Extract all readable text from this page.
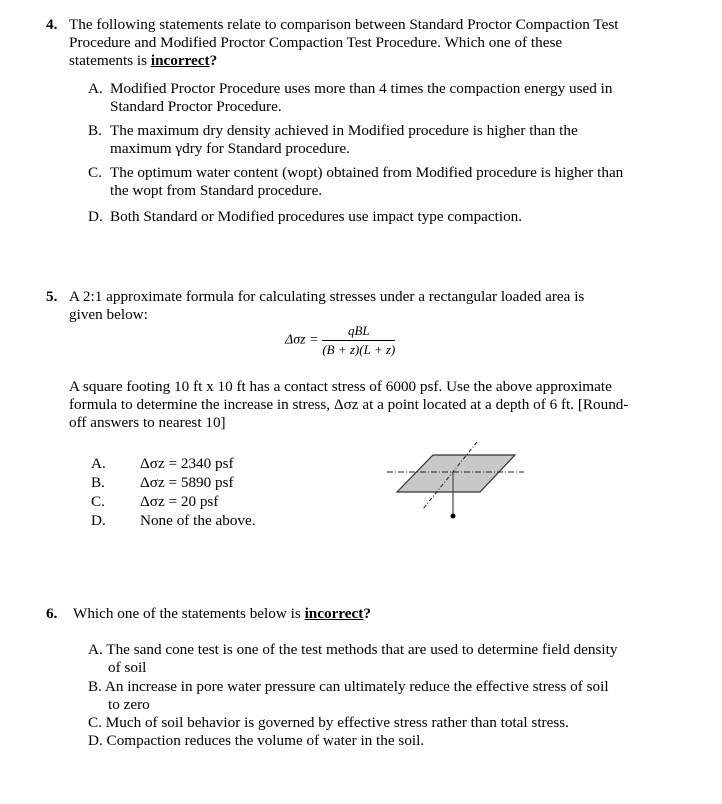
4. The following statements relate to comparison between Standard Proctor Compaction Test
Procedure and Modified Proctor Compaction Test Procedure. Which one of these
statements is incorrect?
A. Modified Proctor Procedure uses more than 4 times the compaction energy used in
Standard Proctor Procedure.
B. The maximum dry density achieved in Modified procedure is higher than the
maximum γdry for Standard procedure.
C. The optimum water content (wopt) obtained from Modified procedure is higher than
the wopt from Standard procedure.
D. Both Standard or Modified procedures use impact type compaction.
5. A 2:1 approximate formula for calculating stresses under a rectangular loaded area is
given below:
$\Delta\sigma z = \frac{\text{qBL}}{(B + z)(L + z)}$
A square footing 10 ft x 10 ft has a contact stress of 6000 psf. Use the above approximate
formula to determine the increase in stress, Δσz at a point located at a depth of 6 ft. [Round-
off answers to nearest 10]
A. Δσz = 2340 psf
B. Δσz = 5890 psf
C. Δσz = 20 psf
D. None of the above.
6. Which one of the statements below is incorrect?
A. The sand cone test is one of the test methods that are used to determine field density
of soil
B. An increase in pore water pressure can ultimately reduce the effective stress of soil
to zero
C. Much of soil behavior is governed by effective stress rather than total stress.
D. Compaction reduces the volume of water in the soil.
